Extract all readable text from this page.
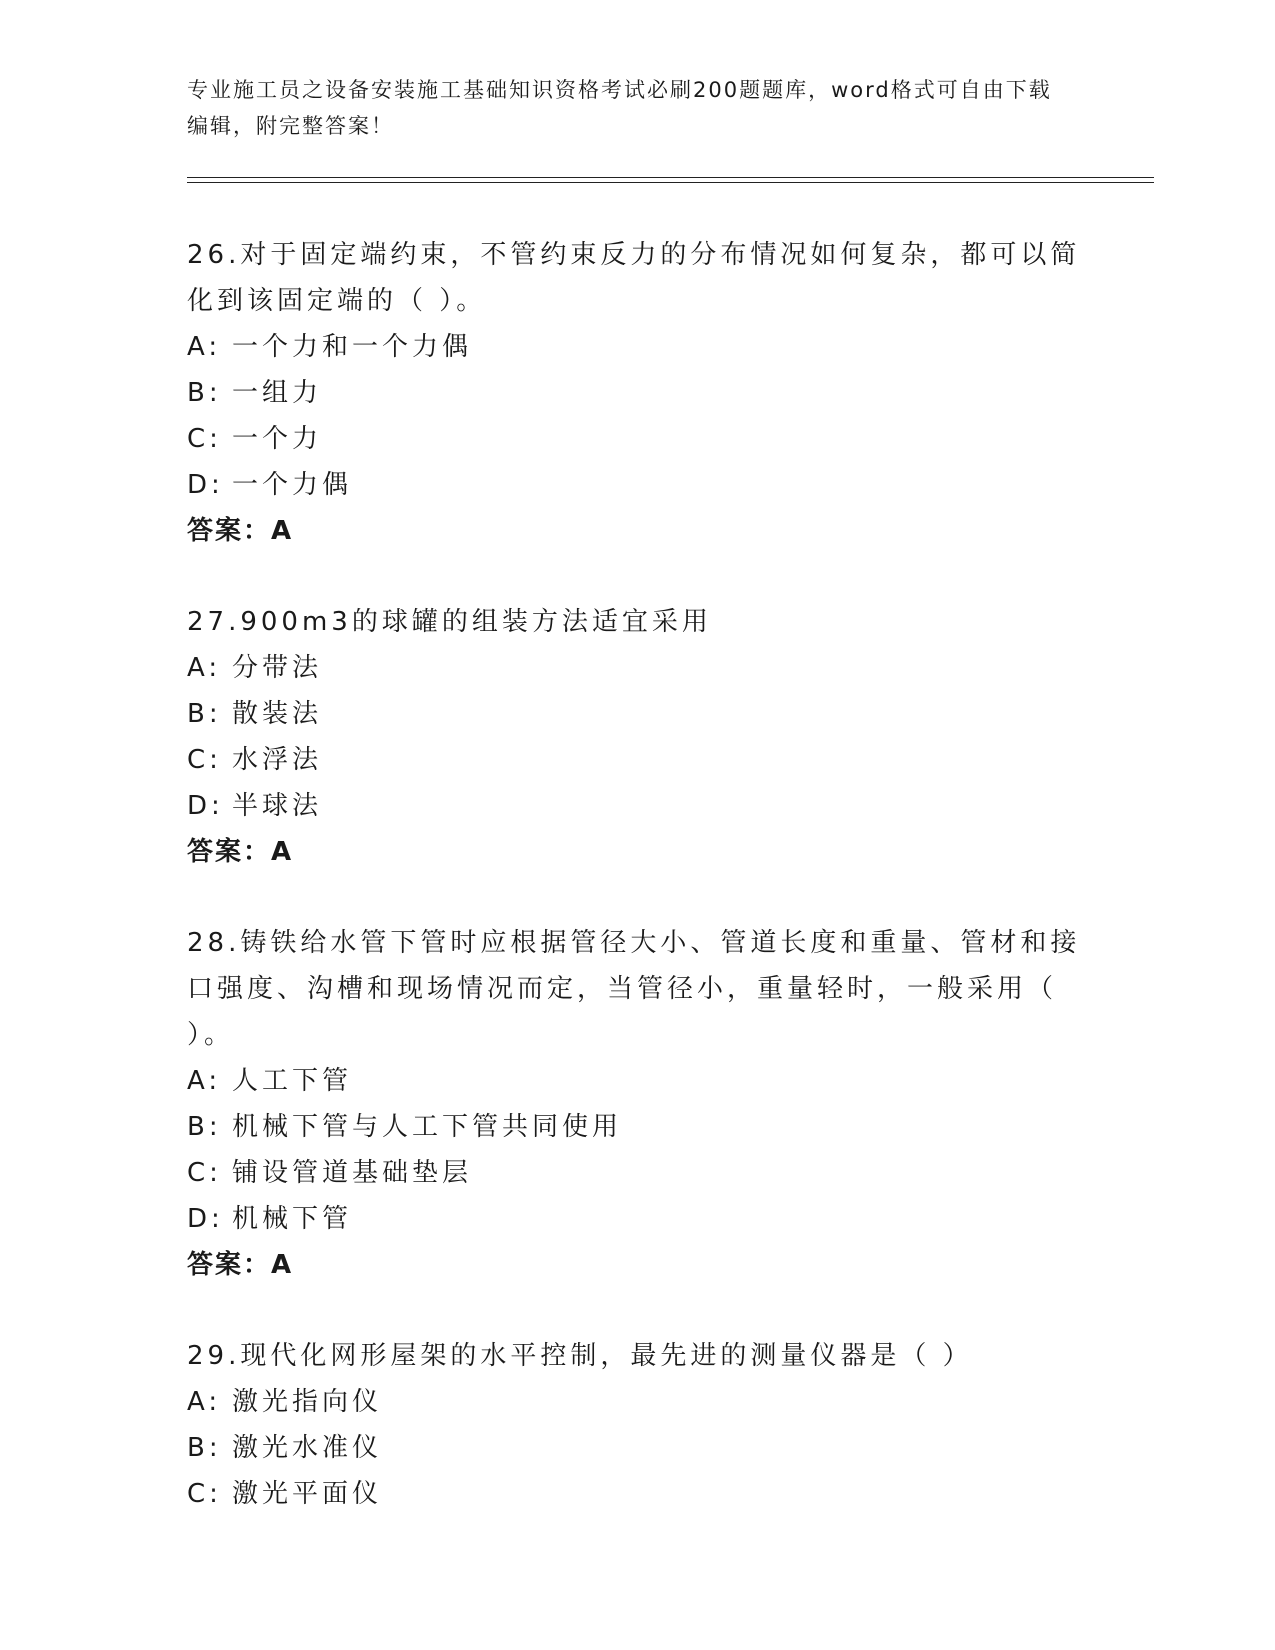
专业施工员之设备安装施工基础知识资格考试必刷200题题库，word格式可自由下载编辑，附完整答案！

26.对于固定端约束，不管约束反力的分布情况如何复杂，都可以简化到该固定端的（ ）。

A: 一个力和一个力偶

B: 一组力

C: 一个力

D: 一个力偶

答案：A

27.900m3的球罐的组装方法适宜采用

A: 分带法

B: 散装法

C: 水浮法

D: 半球法

答案：A

28.铸铁给水管下管时应根据管径大小、管道长度和重量、管材和接口强度、沟槽和现场情况而定，当管径小，重量轻时，一般采用（ ）。

A: 人工下管

B: 机械下管与人工下管共同使用

C: 铺设管道基础垫层

D: 机械下管

答案：A

29.现代化网形屋架的水平控制，最先进的测量仪器是（ ）

A: 激光指向仪

B: 激光水准仪

C: 激光平面仪
